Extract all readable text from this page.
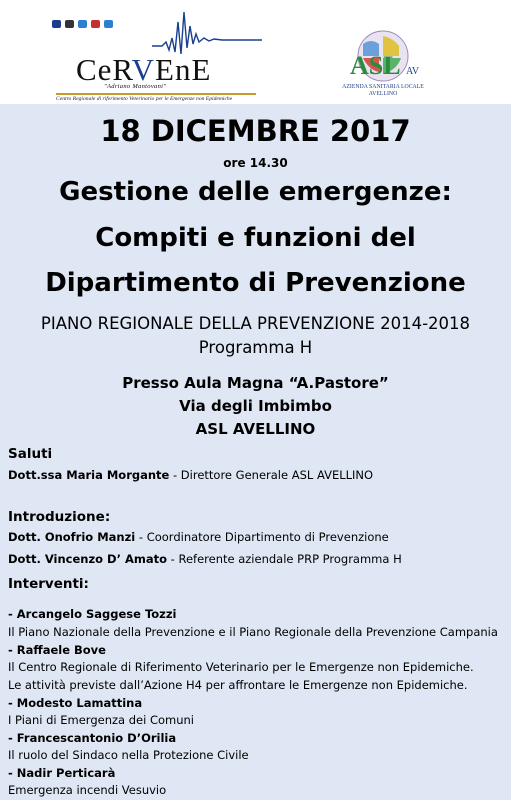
CeRVEnE
"Adriano Mantovani"
Centro Regionale di riferimento Veterinario per le Emergenze non Epidemiche
ASL AV
AZIENDA SANITARIA LOCALE
AVELLINO
18 DICEMBRE 2017
ore 14.30
Gestione delle emergenze:
Compiti e funzioni del
Dipartimento di Prevenzione
PIANO REGIONALE DELLA PREVENZIONE 2014-2018
Programma H
Presso Aula Magna “A.Pastore”
Via degli Imbimbo
ASL AVELLINO
Saluti
Dott.ssa Maria Morgante - Direttore Generale ASL AVELLINO
Introduzione:
Dott. Onofrio Manzi - Coordinatore Dipartimento di Prevenzione
Dott. Vincenzo D’ Amato - Referente aziendale PRP Programma H
Interventi:
- Arcangelo Saggese Tozzi
Il Piano Nazionale della Prevenzione e il Piano Regionale della Prevenzione Campania
- Raffaele Bove
Il Centro Regionale di Riferimento Veterinario per le Emergenze non Epidemiche.
Le attività previste dall’Azione H4 per affrontare le Emergenze non Epidemiche.
- Modesto Lamattina
I Piani di Emergenza dei Comuni
- Francescantonio D’Orilia
Il ruolo del Sindaco nella Protezione Civile
- Nadir Perticarà
Emergenza incendi Vesuvio
